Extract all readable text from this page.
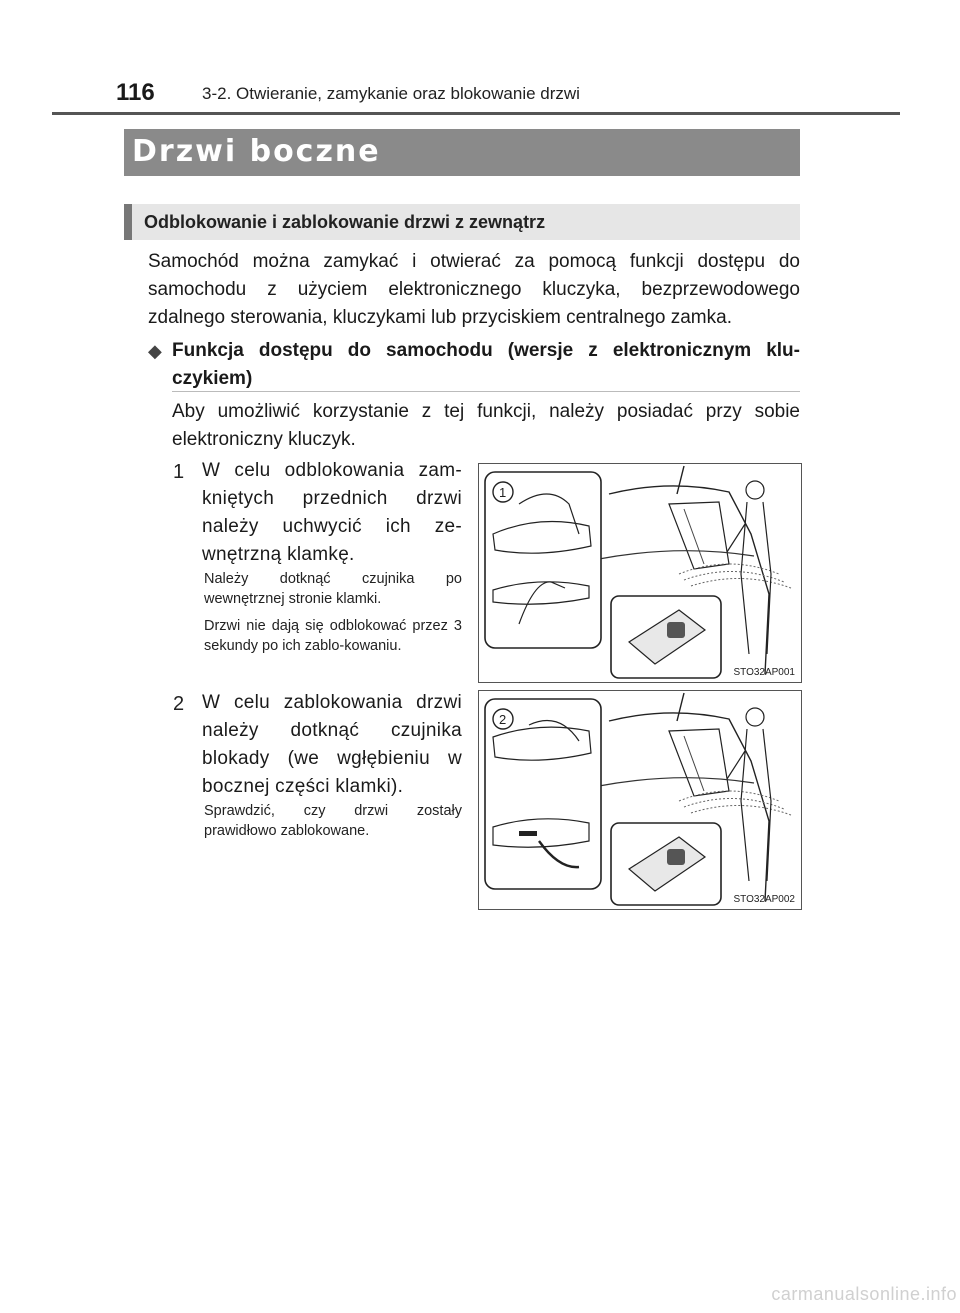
116	3-2. Otwieranie, zamykanie oraz blokowanie drzwi
Drzwi boczne
Odblokowanie i zablokowanie drzwi z zewnątrz
Samochód można zamykać i otwierać za pomocą funkcji dostępu do samochodu z użyciem elektronicznego kluczyka, bezprzewodowego zdalnego sterowania, kluczykami lub przyciskiem centralnego zamka.
◆ Funkcja dostępu do samochodu (wersje z elektronicznym klu-czykiem)
Aby umożliwić korzystanie z tej funkcji, należy posiadać przy sobie elektroniczny kluczyk.
1 W celu odblokowania zam-kniętych przednich drzwi należy uchwycić ich ze-wnętrzną klamkę.
Należy dotknąć czujnika po wewnętrznej stronie klamki.
Drzwi nie dają się odblokować przez 3 sekundy po ich zablo-kowaniu.
1
STO32AP001
2 W celu zablokowania drzwi należy dotknąć czujnika blokady (we wgłębieniu w bocznej części klamki).
Sprawdzić, czy drzwi zostały prawidłowo zablokowane.
2
STO32AP002
carmanualsonline.info
